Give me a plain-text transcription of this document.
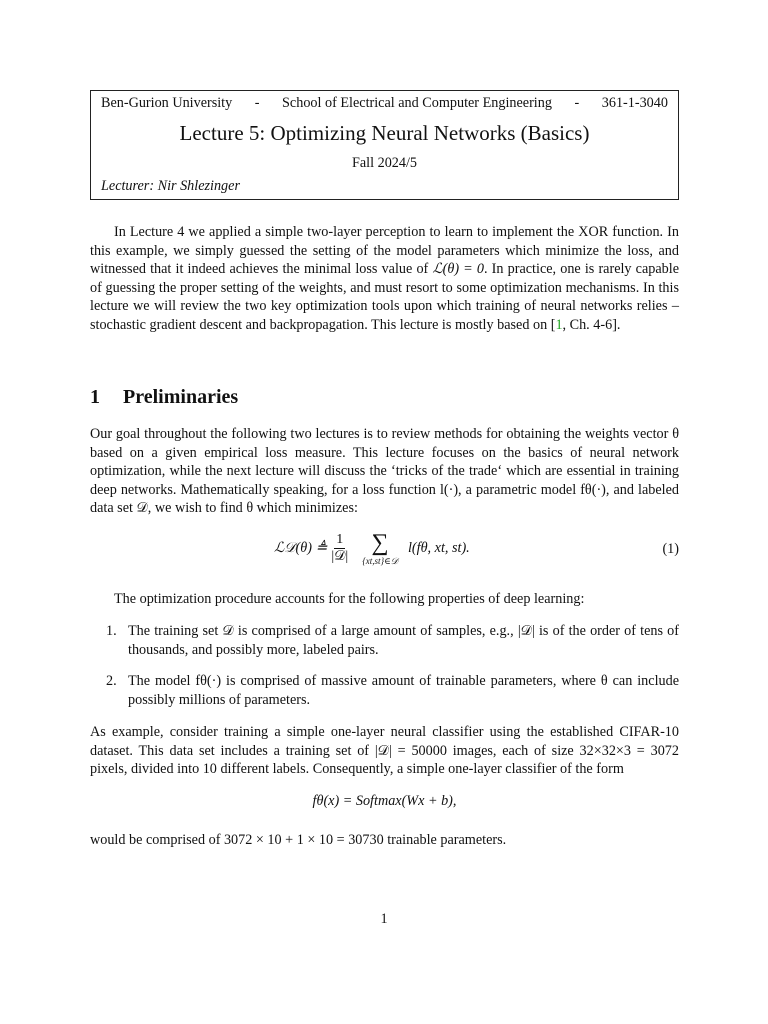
Ben-Gurion University - School of Electrical and Computer Engineering - 361-1-3040
Lecture 5: Optimizing Neural Networks (Basics)
Fall 2024/5
Lecturer: Nir Shlezinger

In Lecture 4 we applied a simple two-layer perception to learn to implement the XOR function. In this example, we simply guessed the setting of the model parameters which minimize the loss, and witnessed that it indeed achieves the minimal loss value of ℒ(θ) = 0. In practice, one is rarely capable of guessing the proper setting of the weights, and must resort to some optimization mechanisms. In this lecture we will review the two key optimization tools upon which training of neural networks relies – stochastic gradient descent and backpropagation. This lecture is mostly based on [1, Ch. 4-6].

1 Preliminaries

Our goal throughout the following two lectures is to review methods for obtaining the weights vector θ based on a given empirical loss measure. This lecture focuses on the basics of neural network optimization, while the next lecture will discuss the ‘tricks of the trade‘ which are essential in training deep networks. Mathematically speaking, for a loss function l(·), a parametric model fθ(·), and labeled data set 𝒟, we wish to find θ which minimizes:

ℒ𝒟(θ) ≜ $\frac{1}{\text{|𝒟|}}$ ∑
{xt,st}∈𝒟
l(fθ, xt, st).	(1)

The optimization procedure accounts for the following properties of deep learning:

1. The training set 𝒟 is comprised of a large amount of samples, e.g., |𝒟| is of the order of tens of thousands, and possibly more, labeled pairs.
2. The model fθ(·) is comprised of massive amount of trainable parameters, where θ can include possibly millions of parameters.

As example, consider training a simple one-layer neural classifier using the established CIFAR-10 dataset. This data set includes a training set of |𝒟| = 50000 images, each of size 32×32×3 = 3072 pixels, divided into 10 different labels. Consequently, a simple one-layer classifier of the form

fθ(x) = Softmax(Wx + b),

would be comprised of 3072 × 10 + 1 × 10 = 30730 trainable parameters.

1
